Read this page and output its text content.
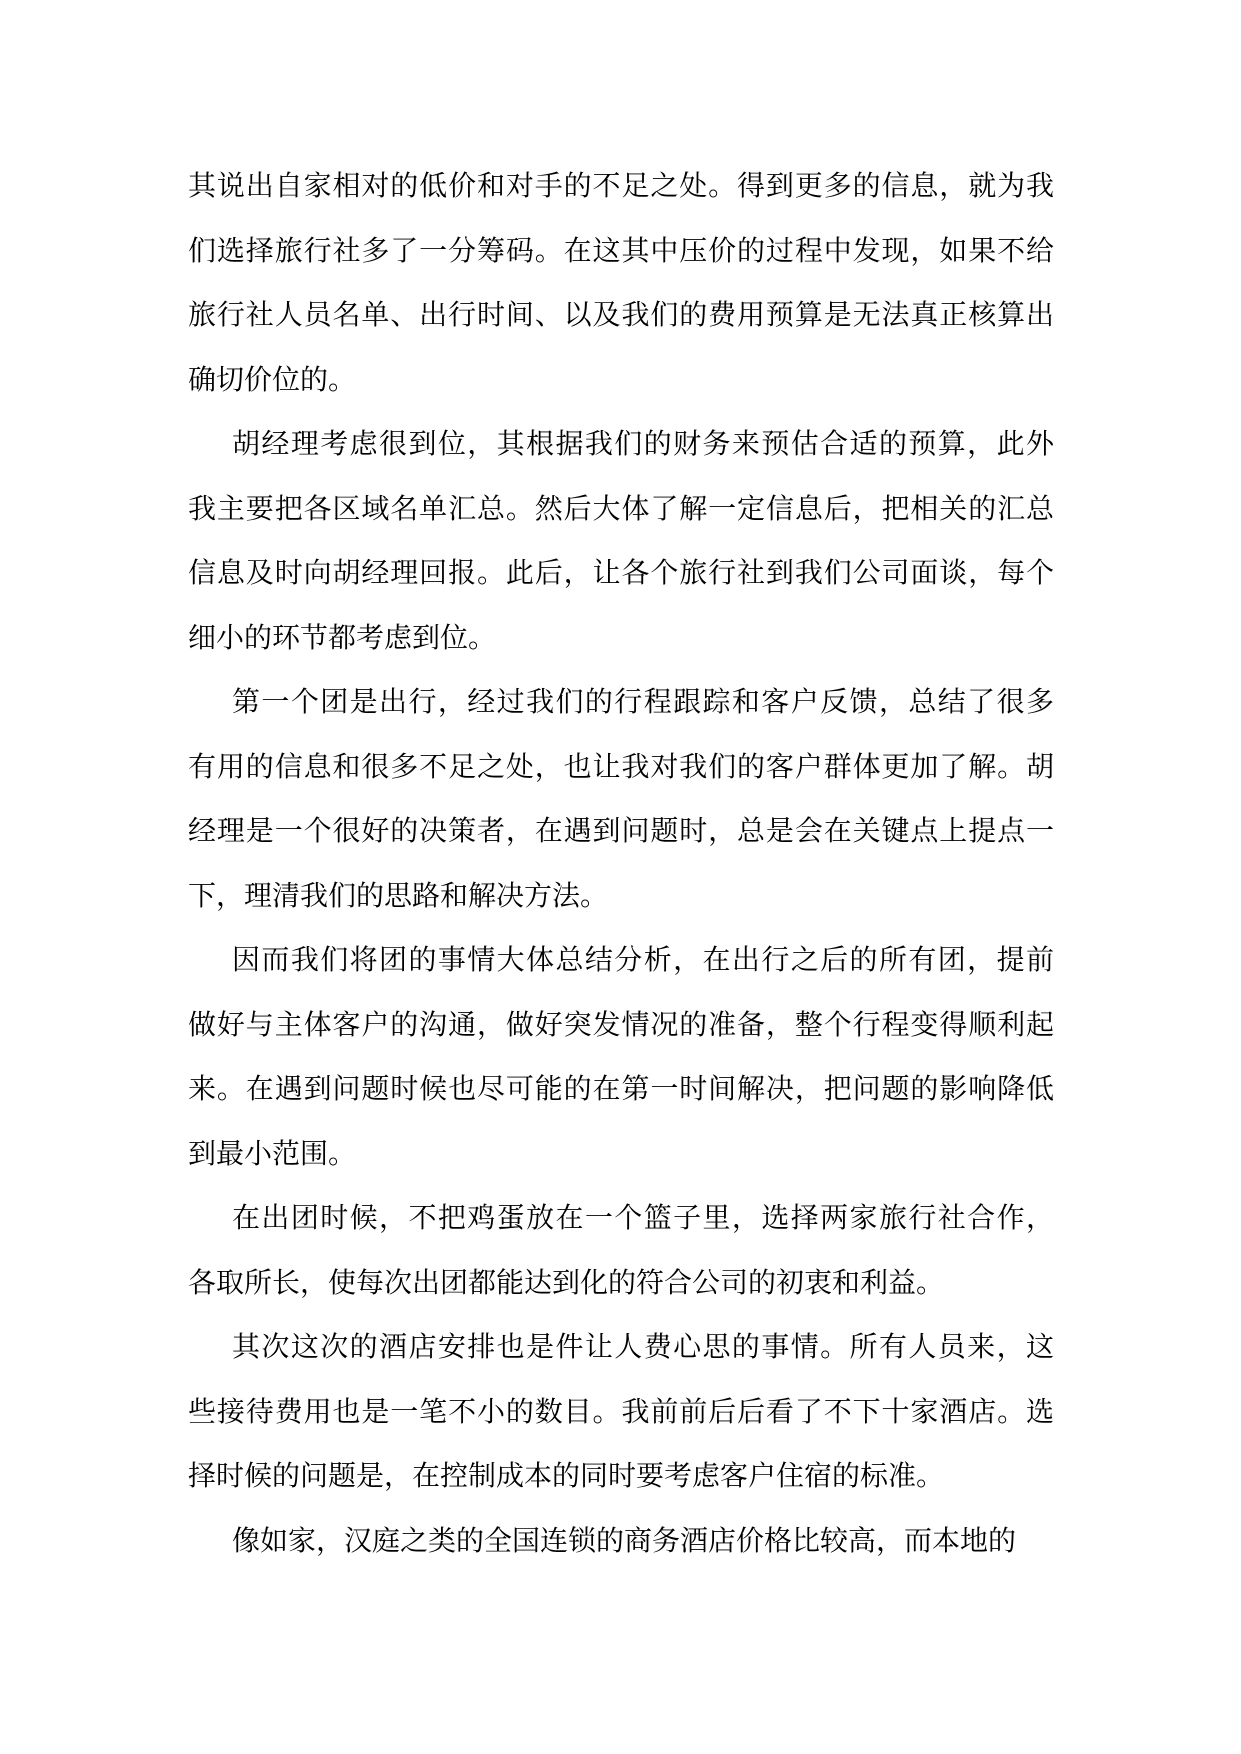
其说出自家相对的低价和对手的不足之处。得到更多的信息，就为我
们选择旅行社多了一分筹码。在这其中压价的过程中发现，如果不给
旅行社人员名单、出行时间、以及我们的费用预算是无法真正核算出
确切价位的。
胡经理考虑很到位，其根据我们的财务来预估合适的预算，此外
我主要把各区域名单汇总。然后大体了解一定信息后，把相关的汇总
信息及时向胡经理回报。此后，让各个旅行社到我们公司面谈，每个
细小的环节都考虑到位。
第一个团是出行，经过我们的行程跟踪和客户反馈，总结了很多
有用的信息和很多不足之处，也让我对我们的客户群体更加了解。胡
经理是一个很好的决策者，在遇到问题时，总是会在关键点上提点一
下，理清我们的思路和解决方法。
因而我们将团的事情大体总结分析，在出行之后的所有团，提前
做好与主体客户的沟通，做好突发情况的准备，整个行程变得顺利起
来。在遇到问题时候也尽可能的在第一时间解决，把问题的影响降低
到最小范围。
在出团时候，不把鸡蛋放在一个篮子里，选择两家旅行社合作，
各取所长，使每次出团都能达到化的符合公司的初衷和利益。
其次这次的酒店安排也是件让人费心思的事情。所有人员来，这
些接待费用也是一笔不小的数目。我前前后后看了不下十家酒店。选
择时候的问题是，在控制成本的同时要考虑客户住宿的标准。
像如家，汉庭之类的全国连锁的商务酒店价格比较高，而本地的
